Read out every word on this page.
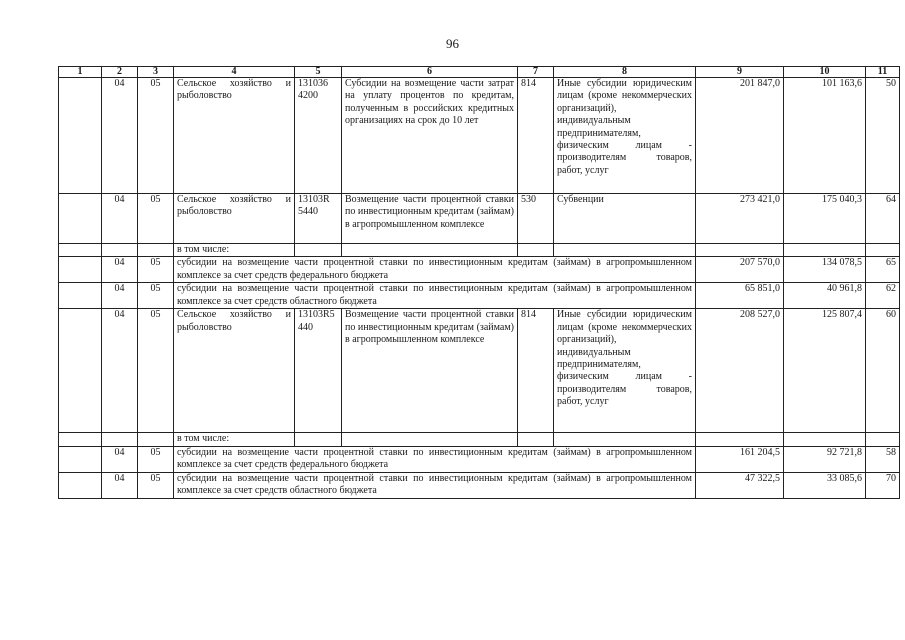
96
1	2	3	4	5	6	7	8	9	10	11
	04	05	Сельское хозяйство и рыболовство	131036 4200	Субсидии на возмещение части затрат на уплату процентов по кредитам, полученным в российских кредитных организациях на срок до 10 лет	814	Иные субсидии юридическим лицам (кроме некоммерческих организаций), индивидуальным предпринимателям, физическим лицам - производителям товаров, работ, услуг	201 847,0	101 163,6	50
	04	05	Сельское хозяйство и рыболовство	13103R 5440	Возмещение части процентной ставки по инвестиционным кредитам (займам) в агропромышленном комплексе	530	Субвенции	273 421,0	175 040,3	64
			в том числе:							
	04	05	субсидии на возмещение части процентной ставки по инвестиционным кредитам (займам) в агропромышленном комплексе за счет средств федерального бюджета					207 570,0	134 078,5	65
	04	05	субсидии на возмещение части процентной ставки по инвестиционным кредитам (займам) в агропромышленном комплексе за счет средств областного бюджета					65 851,0	40 961,8	62
	04	05	Сельское хозяйство и рыболовство	13103R5 440	Возмещение части процентной ставки по инвестиционным кредитам (займам) в агропромышленном комплексе	814	Иные субсидии юридическим лицам (кроме некоммерческих организаций), индивидуальным предпринимателям, физическим лицам - производителям товаров, работ, услуг	208 527,0	125 807,4	60
			в том числе:							
	04	05	субсидии на возмещение части процентной ставки по инвестиционным кредитам (займам) в агропромышленном комплексе за счет средств федерального бюджета					161 204,5	92 721,8	58
	04	05	субсидии на возмещение части процентной ставки по инвестиционным кредитам (займам) в агропромышленном комплексе за счет средств областного бюджета					47 322,5	33 085,6	70
